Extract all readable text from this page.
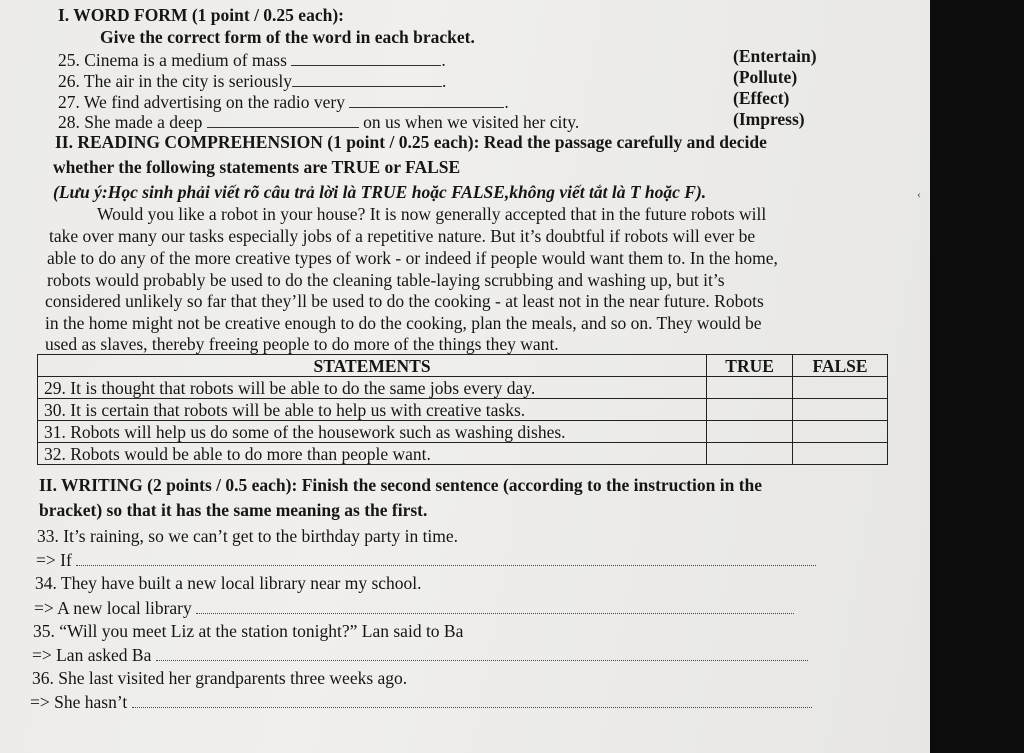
I. WORD FORM (1 point / 0.25 each):
Give the correct form of the word in each bracket.
25. Cinema is a medium of mass	.	(Entertain)
26. The air in the city is seriously	.	(Pollute)
27. We find advertising on the radio very	.	(Effect)
28. She made a deep	on us when we visited her city.	(Impress)
II. READING COMPREHENSION (1 point / 0.25 each): Read the passage carefully and decide
whether the following statements are TRUE or FALSE
(Lưu ý:Học sinh phải viết rõ câu trả lời là TRUE hoặc FALSE,không viết tắt là T hoặc F).
Would you like a robot in your house? It is now generally accepted that in the future robots will
take over many our tasks especially jobs of a repetitive nature. But it’s doubtful if robots will ever be
able to do any of the more creative types of work - or indeed if people would want them to. In the home,
robots would probably be used to do the cleaning table-laying scrubbing and washing up, but it’s
considered unlikely so far that they’ll be used to do the cooking - at least not in the near future. Robots
in the home might not be creative enough to do the cooking, plan the meals, and so on. They would be
used as slaves, thereby freeing people to do more of the things they want.
STATEMENTS	TRUE	FALSE
29. It is thought that robots will be able to do the same jobs every day.		
30. It is certain that robots will be able to help us with creative tasks.		
31. Robots will help us do some of the housework such as washing dishes.		
32. Robots would be able to do more than people want.		
II. WRITING (2 points / 0.5 each): Finish the second sentence (according to the instruction in the
bracket) so that it has the same meaning as the first.
33. It’s raining, so we can’t get to the birthday party in time.
=> If
34. They have built a new local library near my school.
=> A new local library
35. “Will you meet Liz at the station tonight?” Lan said to Ba
=> Lan asked Ba
36. She last visited her grandparents three weeks ago.
=> She hasn’t
‹
